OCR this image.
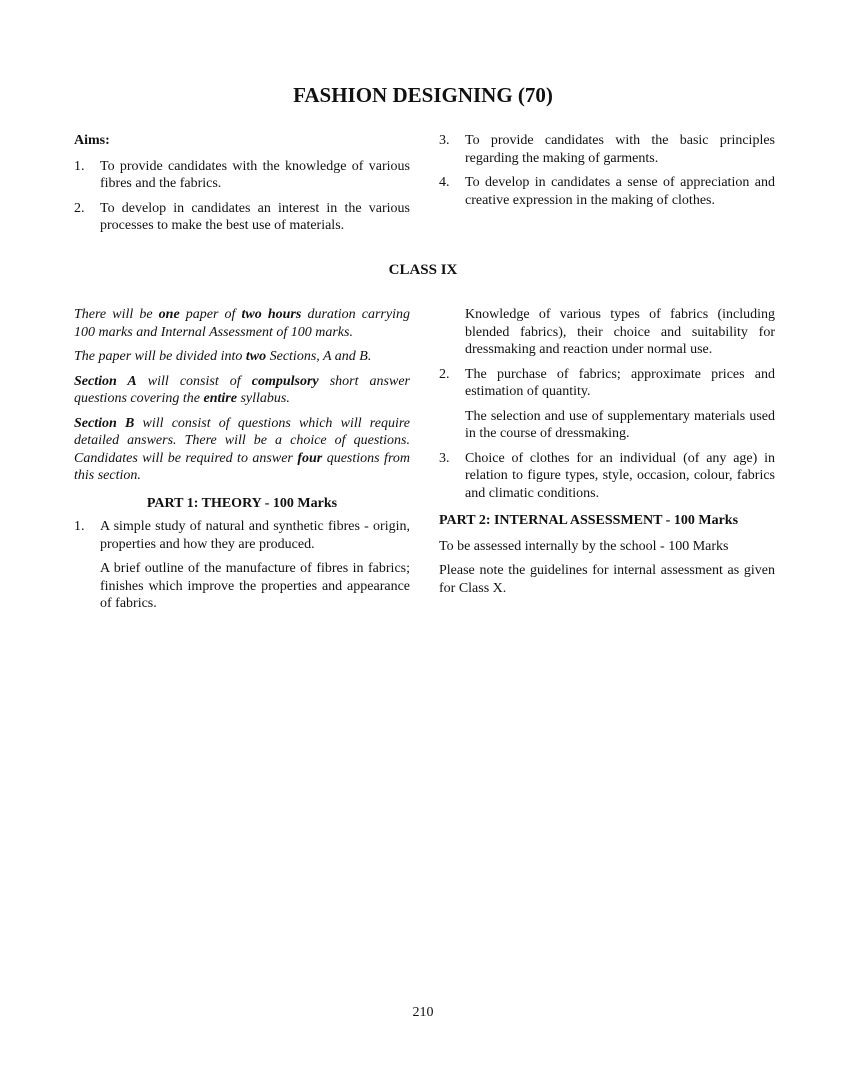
FASHION DESIGNING (70)
Aims:
1. To provide candidates with the knowledge of various fibres and the fabrics.
2. To develop in candidates an interest in the various processes to make the best use of materials.
3. To provide candidates with the basic principles regarding the making of garments.
4. To develop in candidates a sense of appreciation and creative expression in the making of clothes.
CLASS IX
There will be one paper of two hours duration carrying 100 marks and Internal Assessment of 100 marks.
The paper will be divided into two Sections, A and B.
Section A will consist of compulsory short answer questions covering the entire syllabus.
Section B will consist of questions which will require detailed answers. There will be a choice of questions. Candidates will be required to answer four questions from this section.
PART 1: THEORY - 100 Marks
1. A simple study of natural and synthetic fibres - origin, properties and how they are produced.
A brief outline of the manufacture of fibres in fabrics; finishes which improve the properties and appearance of fabrics.
Knowledge of various types of fabrics (including blended fabrics), their choice and suitability for dressmaking and reaction under normal use.
2. The purchase of fabrics; approximate prices and estimation of quantity.
The selection and use of supplementary materials used in the course of dressmaking.
3. Choice of clothes for an individual (of any age) in relation to figure types, style, occasion, colour, fabrics and climatic conditions.
PART 2: INTERNAL ASSESSMENT - 100 Marks
To be assessed internally by the school - 100 Marks
Please note the guidelines for internal assessment as given for Class X.
210
